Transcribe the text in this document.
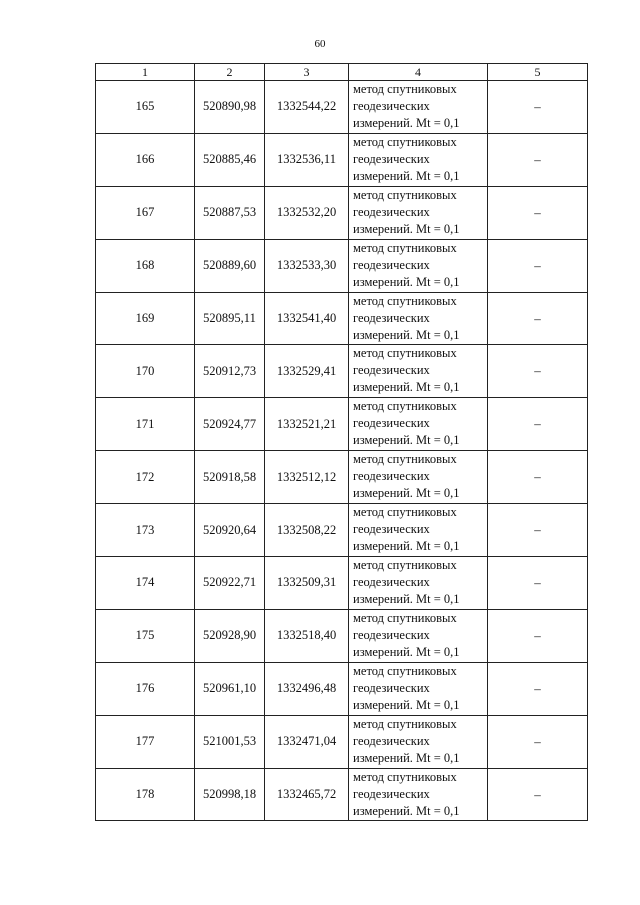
60
1	2	3	4	5
165	520890,98	1332544,22	метод спутниковых
геодезических
измерений. Mt = 0,1	–
166	520885,46	1332536,11	метод спутниковых
геодезических
измерений. Mt = 0,1	–
167	520887,53	1332532,20	метод спутниковых
геодезических
измерений. Mt = 0,1	–
168	520889,60	1332533,30	метод спутниковых
геодезических
измерений. Mt = 0,1	–
169	520895,11	1332541,40	метод спутниковых
геодезических
измерений. Mt = 0,1	–
170	520912,73	1332529,41	метод спутниковых
геодезических
измерений. Mt = 0,1	–
171	520924,77	1332521,21	метод спутниковых
геодезических
измерений. Mt = 0,1	–
172	520918,58	1332512,12	метод спутниковых
геодезических
измерений. Mt = 0,1	–
173	520920,64	1332508,22	метод спутниковых
геодезических
измерений. Mt = 0,1	–
174	520922,71	1332509,31	метод спутниковых
геодезических
измерений. Mt = 0,1	–
175	520928,90	1332518,40	метод спутниковых
геодезических
измерений. Mt = 0,1	–
176	520961,10	1332496,48	метод спутниковых
геодезических
измерений. Mt = 0,1	–
177	521001,53	1332471,04	метод спутниковых
геодезических
измерений. Mt = 0,1	–
178	520998,18	1332465,72	метод спутниковых
геодезических
измерений. Mt = 0,1	–
